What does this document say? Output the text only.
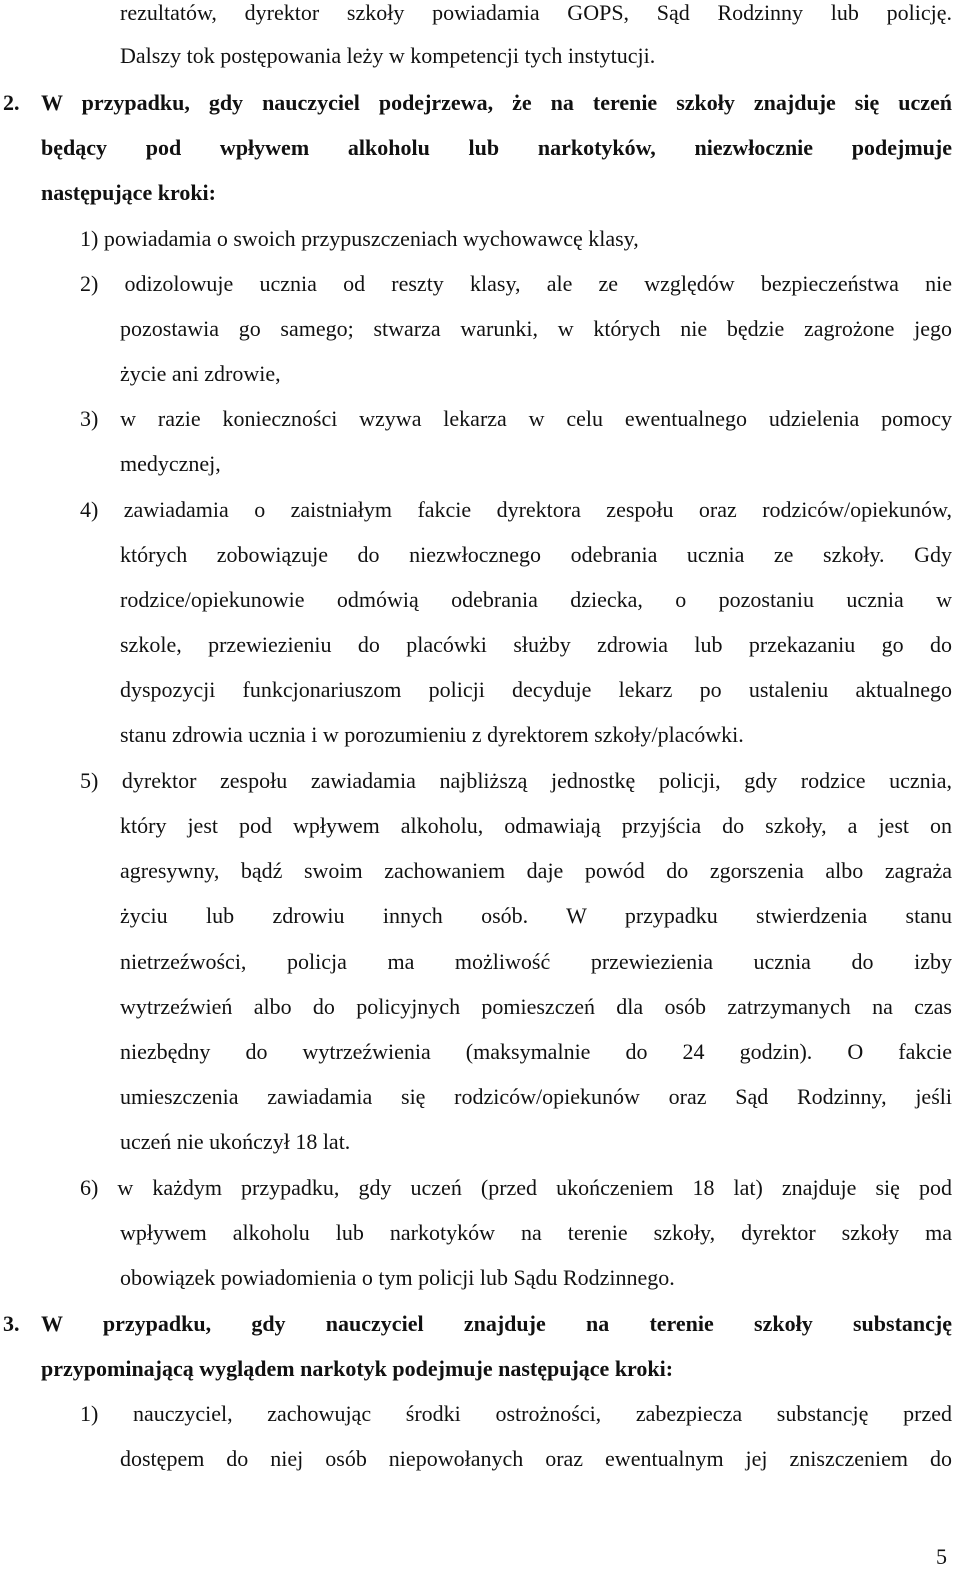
rezultatów, dyrektor szkoły powiadamia GOPS, Sąd Rodzinny lub policję.
Dalszy tok postępowania leży w kompetencji tych instytucji.
2. W przypadku, gdy nauczyciel podejrzewa, że na terenie szkoły znajduje się uczeń
będący pod wpływem alkoholu lub narkotyków, niezwłocznie podejmuje
następujące kroki:
1) powiadamia o swoich przypuszczeniach wychowawcę klasy,
2) odizolowuje ucznia od reszty klasy, ale ze względów bezpieczeństwa nie
pozostawia go samego; stwarza warunki, w których nie będzie zagrożone jego
życie ani zdrowie,
3) w razie konieczności wzywa lekarza w celu ewentualnego udzielenia pomocy
medycznej,
4) zawiadamia o zaistniałym fakcie dyrektora zespołu oraz rodziców/opiekunów,
których zobowiązuje do niezwłocznego odebrania ucznia ze szkoły. Gdy
rodzice/opiekunowie odmówią odebrania dziecka, o pozostaniu ucznia w
szkole, przewiezieniu do placówki służby zdrowia lub przekazaniu go do
dyspozycji funkcjonariuszom policji decyduje lekarz po ustaleniu aktualnego
stanu zdrowia ucznia i w porozumieniu z dyrektorem szkoły/placówki.
5) dyrektor zespołu zawiadamia najbliższą jednostkę policji, gdy rodzice ucznia,
który jest pod wpływem alkoholu, odmawiają przyjścia do szkoły, a jest on
agresywny, bądź swoim zachowaniem daje powód do zgorszenia albo zagraża
życiu lub zdrowiu innych osób. W przypadku stwierdzenia stanu
nietrzeźwości, policja ma możliwość przewiezienia ucznia do izby
wytrzeźwień albo do policyjnych pomieszczeń dla osób zatrzymanych na czas
niezbędny do wytrzeźwienia (maksymalnie do 24 godzin). O fakcie
umieszczenia zawiadamia się rodziców/opiekunów oraz Sąd Rodzinny, jeśli
uczeń nie ukończył 18 lat.
6) w każdym przypadku, gdy uczeń (przed ukończeniem 18 lat) znajduje się pod
wpływem alkoholu lub narkotyków na terenie szkoły, dyrektor szkoły ma
obowiązek powiadomienia o tym policji lub Sądu Rodzinnego.
3. W przypadku, gdy nauczyciel znajduje na terenie szkoły substancję
przypominającą wyglądem narkotyk podejmuje następujące kroki:
1) nauczyciel, zachowując środki ostrożności, zabezpiecza substancję przed
dostępem do niej osób niepowołanych oraz ewentualnym jej zniszczeniem do
5
